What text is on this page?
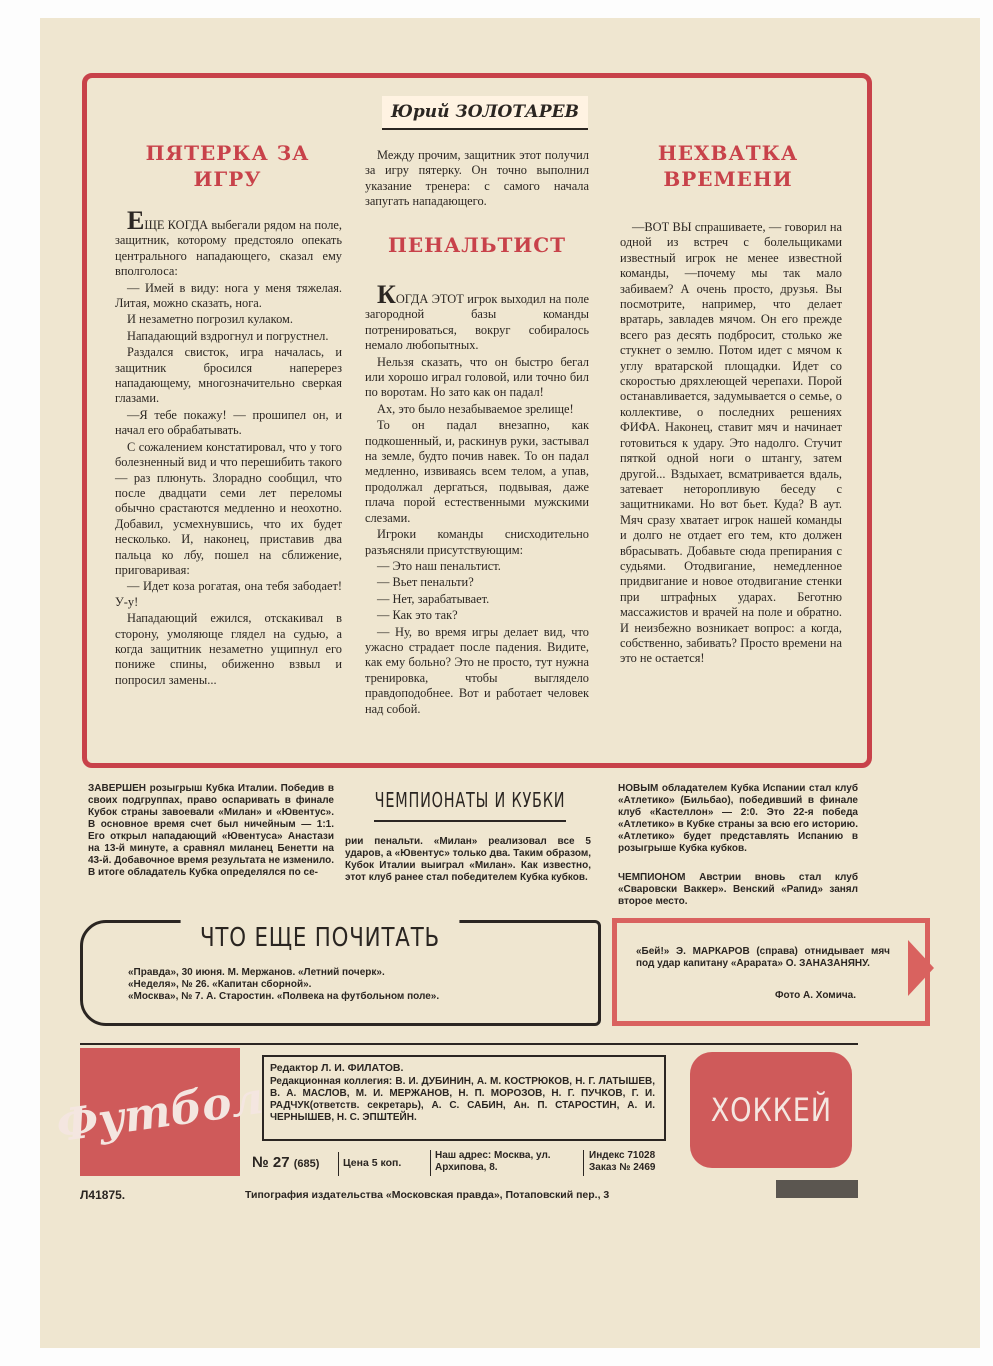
Юрий ЗОЛОТАРЕВ
ПЯТЕРКА ЗА ИГРУ

ЕЩЕ КОГДА выбегали рядом на поле, защитник, которому предстояло опекать центрального нападающего, сказал ему вполголоса:

— Имей в виду: нога у меня тяжелая. Литая, можно сказать, нога.

И незаметно погрозил кулаком.

Нападающий вздрогнул и погрустнел.

Раздался свисток, игра началась, и защитник бросился наперерез нападающему, многозначительно сверкая глазами.

—Я тебе покажу! — прошипел он, и начал его обрабатывать.

С сожалением констатировал, что у того болезненный вид и что перешибить такого — раз плюнуть. Злорадно сообщил, что после двадцати семи лет переломы обычно срастаются медленно и неохотно. Добавил, усмехнувшись, что их будет несколько. И, наконец, приставив два пальца ко лбу, пошел на сближение, приговаривая:

— Идет коза рогатая, она тебя забодает! У-у!

Нападающий ежился, отскакивал в сторону, умоляюще глядел на судью, а когда защитник незаметно ущипнул его пониже спины, обиженно взвыл и попросил замены...

Между прочим, защитник этот получил за игру пятерку. Он точно выполнил указание тренера: с самого начала запугать нападающего.
ПЕНАЛЬТИСТ

КОГДА ЭТОТ игрок выходил на поле загородной базы команды потренироваться, вокруг собиралось немало любопытных.

Нельзя сказать, что он быстро бегал или хорошо играл головой, или точно бил по воротам. Но зато как он падал!

Ах, это было незабываемое зрелище!

То он падал внезапно, как подкошенный, и, раскинув руки, застывал на земле, будто почив навек. То он падал медленно, извиваясь всем телом, а упав, продолжал дергаться, подвывая, даже плача порой естественными мужскими слезами.

Игроки команды снисходительно разъясняли присутствующим:

— Это наш пенальтист.

— Вьет пенальти?

— Нет, зарабатывает.

— Как это так?

— Ну, во время игры делает вид, что ужасно страдает после падения. Видите, как ему больно? Это не просто, тут нужна тренировка, чтобы выглядело правдоподобнее. Вот и работает человек над собой.

НЕХВАТКА ВРЕМЕНИ

—ВОТ ВЫ спрашиваете, — говорил на одной из встреч с болельщиками известный игрок не менее известной команды, —почему мы так мало забиваем? А очень просто, друзья. Вы посмотрите, например, что делает вратарь, завладев мячом. Он его прежде всего раз десять подбросит, столько же стукнет о землю. Потом идет с мячом к углу вратарской площадки. Идет со скоростью дряхлеющей черепахи. Порой останавливается, задумывается о семье, о коллективе, о последних решениях ФИФА. Наконец, ставит мяч и начинает готовиться к удару. Это надолго. Стучит пяткой одной ноги о штангу, затем другой... Вздыхает, всматривается вдаль, затевает неторопливую беседу с защитниками. Но вот бьет. Куда? В аут. Мяч сразу хватает игрок нашей команды и долго не отдает его тем, кто должен вбрасывать. Добавьте сюда препирания с судьями. Отодвигание, немедленное придвигание и новое отодвигание стенки при штрафных ударах. Беготню массажистов и врачей на поле и обратно. И неизбежно возникает вопрос: а когда, собственно, забивать? Просто времени на это не остается!

ЗАВЕРШЕН розыгрыш Кубка Италии. Победив в своих подгруппах, право оспаривать в финале Кубок страны завоевали «Милан» и «Ювентус». В основное время счет был ничейным — 1:1. Его открыл нападающий «Ювентуса» Анастази на 13-й минуте, а сравнял миланец Бенетти на 43-й. Добавочное время результата не изменило. В итоге обладатель Кубка определялся по се-
ЧЕМПИОНАТЫ И КУБКИ
рии пенальти. «Милан» реализовал все 5 ударов, а «Ювентус» только два. Таким образом, Кубок Италии выиграл «Милан». Как известно, этот клуб ранее стал победителем Кубка кубков.
НОВЫМ обладателем Кубка Испании стал клуб «Атлетико» (Бильбао), победивший в финале клуб «Кастеллон» — 2:0. Это 22-я победа «Атлетико» в Кубке страны за всю его историю. «Атлетико» будет представлять Испанию в розыгрыше Кубка кубков.
ЧЕМПИОНОМ Австрии вновь стал клуб «Сваровски Ваккер». Венский «Рапид» занял второе место.
ЧТО ЕЩЕ ПОЧИТАТЬ
«Правда», 30 июня. М. Мержанов. «Летний почерк».
«Неделя», № 26. «Капитан сборной».
«Москва», № 7. А. Старостин. «Полвека на футбольном поле».
«Бей!» Э. МАРКАРОВ (справа) отнидывает мяч под удар капитану «Арарата» О. ЗАНАЗАНЯНУ.
Фото А. Хомича.
Футбол	ХОККЕЙ
Редактор Л. И. ФИЛАТОВ.
Редакционная коллегия: В. И. ДУБИНИН, А. М. КОСТРЮКОВ, Н. Г. ЛАТЫШЕВ, В. А. МАСЛОВ, М. И. МЕРЖАНОВ, Н. П. МОРОЗОВ, Н. Г. ПУЧКОВ, Г. И. РАДЧУК(ответств. секретарь), А. С. САБИН, Ан. П. СТАРОСТИН, А. И. ЧЕРНЫШЕВ, Н. С. ЭПШТЕЙН.
№ 27 (685)	Цена 5 коп.
Наш адрес: Москва, ул. Архипова, 8.
Индекс 71028
Заказ № 2469
Л41875.	Типография издательства «Московская правда», Потаповский пер., 3
